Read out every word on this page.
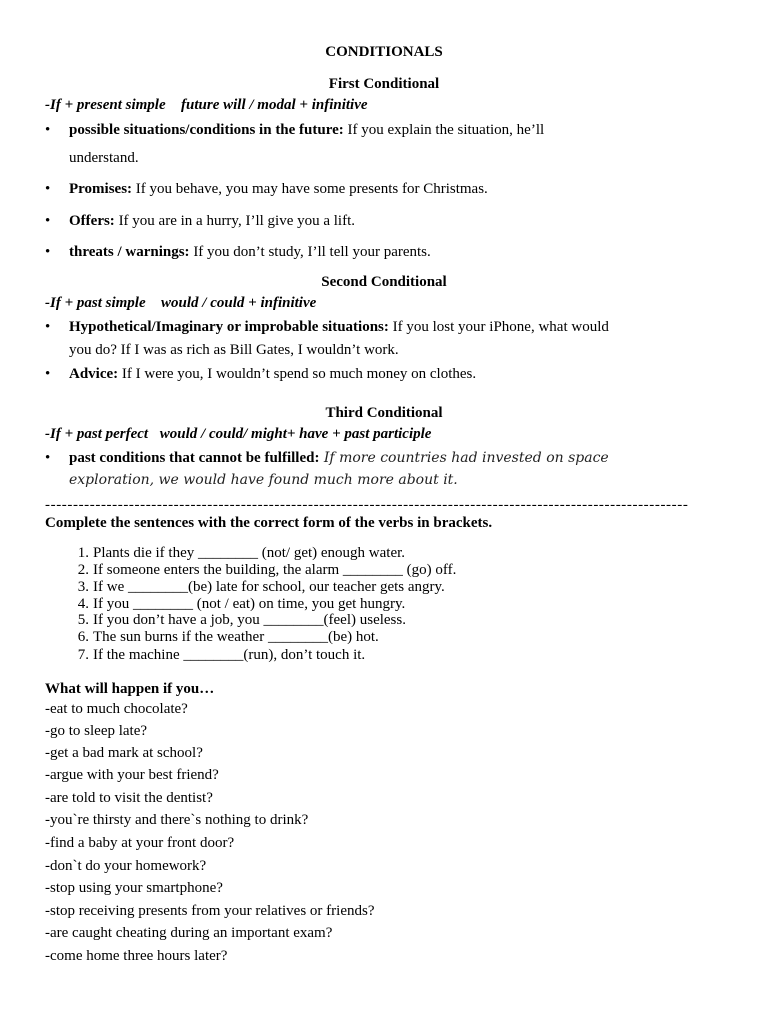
CONDITIONALS
First Conditional
-If + present simple future will / modal + infinitive
• possible situations/conditions in the future: If you explain the situation, he’ll
understand.
• Promises: If you behave, you may have some presents for Christmas.
• Offers: If you are in a hurry, I’ll give you a lift.
• threats / warnings: If you don’t study, I’ll tell your parents.
Second Conditional
-If + past simple would / could + infinitive
• Hypothetical/Imaginary or improbable situations: If you lost your iPhone, what would
you do? If I was as rich as Bill Gates, I wouldn’t work.
• Advice: If I were you, I wouldn’t spend so much money on clothes.
Third Conditional
-If + past perfect would / could/ might+ have + past participle
• past conditions that cannot be fulfilled: If more countries had invested on space
exploration, we would have found much more about it.
-------------------------------------------------------------------------------------------------------------------
Complete the sentences with the correct form of the verbs in brackets.
1. Plants die if they ________ (not/ get) enough water.
2. If someone enters the building, the alarm ________ (go) off.
3. If we ________(be) late for school, our teacher gets angry.
4. If you ________ (not / eat) on time, you get hungry.
5. If you don’t have a job, you ________(feel) useless.
6. The sun burns if the weather ________(be) hot.
7. If the machine ________(run), don’t touch it.
What will happen if you…
-eat to much chocolate?
-go to sleep late?
-get a bad mark at school?
-argue with your best friend?
-are told to visit the dentist?
-you`re thirsty and there`s nothing to drink?
-find a baby at your front door?
-don`t do your homework?
-stop using your smartphone?
-stop receiving presents from your relatives or friends?
-are caught cheating during an important exam?
-come home three hours later?
